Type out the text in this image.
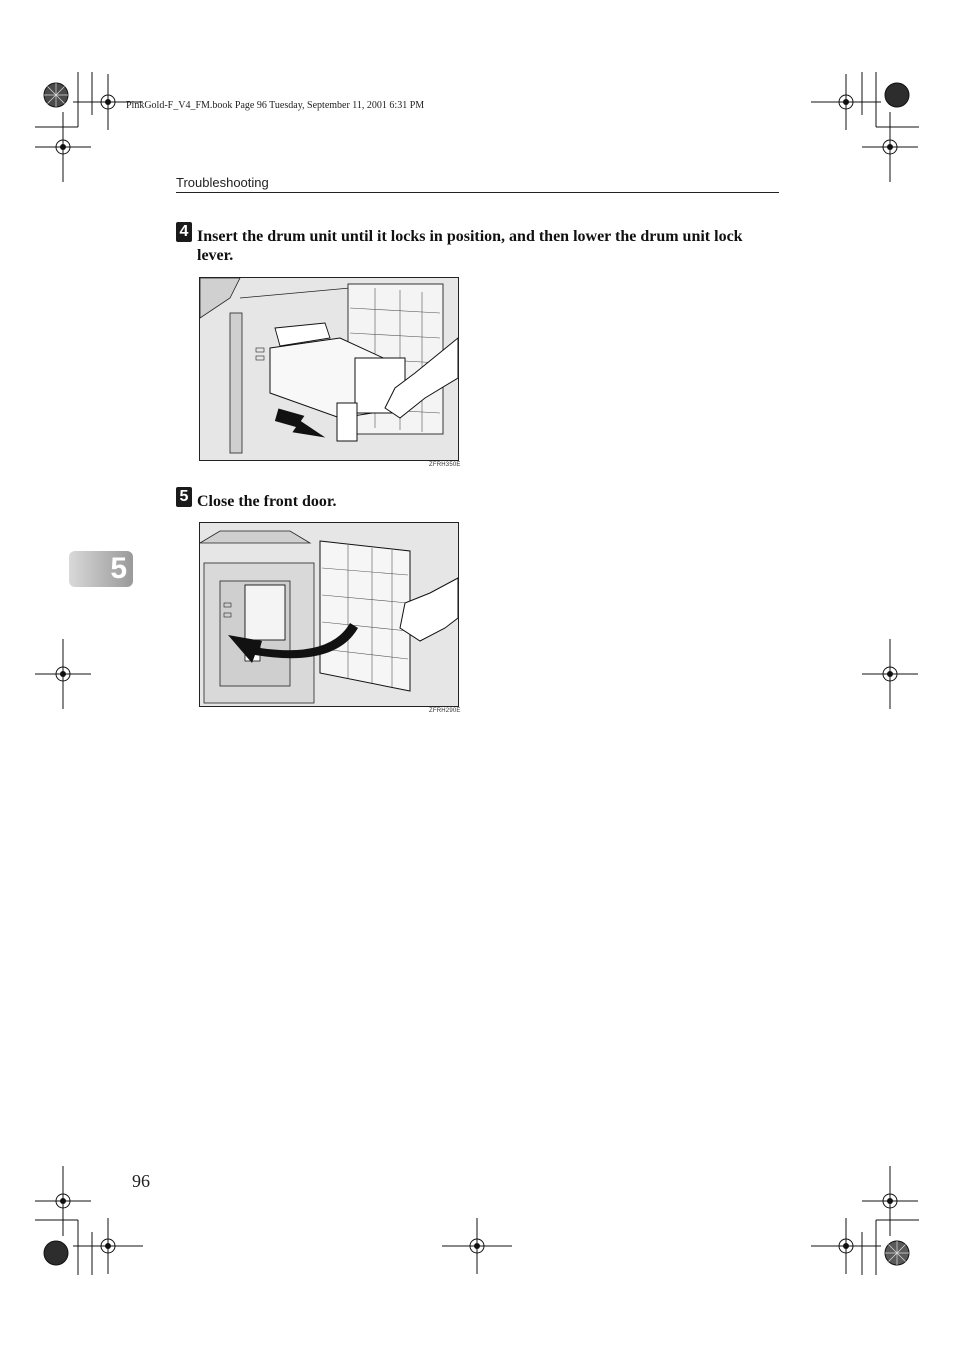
PinkGold-F_V4_FM.book Page 96 Tuesday, September 11, 2001 6:31 PM
Troubleshooting
4 Insert the drum unit until it locks in position, and then lower the drum unit lock lever.
ZFRH350E
5 Close the front door.
ZFRH290E
5
96
